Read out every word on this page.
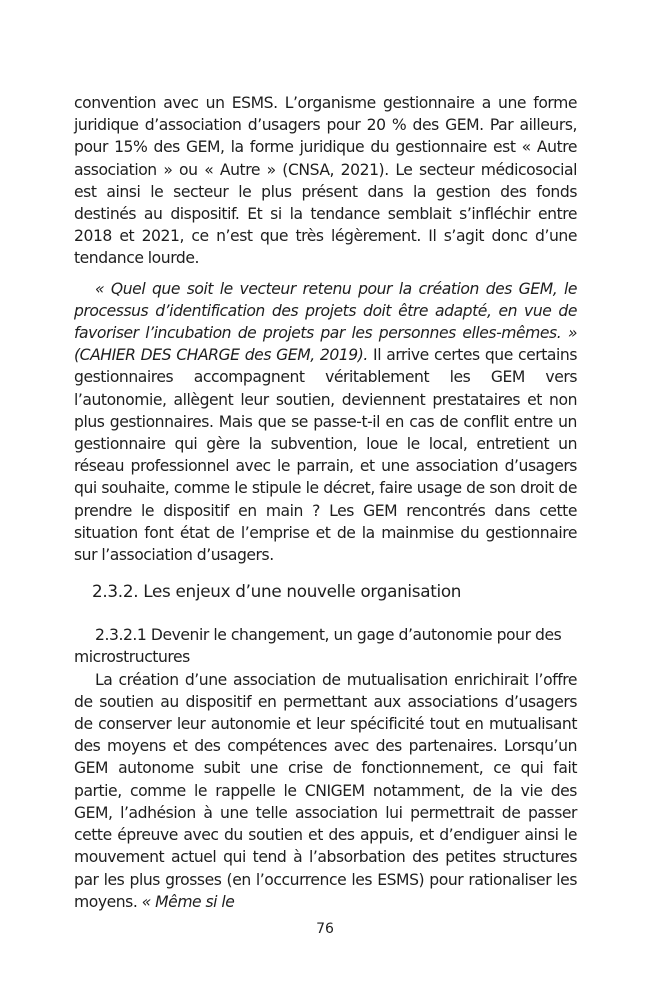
convention avec un ESMS. L’organisme gestionnaire a une forme juridique d’association d’usagers pour 20 % des GEM. Par ailleurs, pour 15% des GEM, la forme juridique du gestionnaire est « Autre association » ou « Autre » (CNSA, 2021). Le secteur médicosocial est ainsi le secteur le plus présent dans la gestion des fonds destinés au dispositif. Et si la tendance semblait s’infléchir entre 2018 et 2021, ce n’est que très légèrement. Il s’agit donc d’une tendance lourde.

« Quel que soit le vecteur retenu pour la création des GEM, le processus d’identification des projets doit être adapté, en vue de favoriser l’incubation de projets par les personnes elles-mêmes. » (CAHIER DES CHARGE des GEM, 2019). Il arrive certes que certains gestionnaires accompagnent véritablement les GEM vers l’autonomie, allègent leur soutien, deviennent prestataires et non plus gestionnaires. Mais que se passe-t-il en cas de conflit entre un gestionnaire qui gère la subvention, loue le local, entretient un réseau professionnel avec le parrain, et une association d’usagers qui souhaite, comme le stipule le décret, faire usage de son droit de prendre le dispositif en main ? Les GEM rencontrés dans cette situation font état de l’emprise et de la mainmise du gestionnaire sur l’association d’usagers.

2.3.2. Les enjeux d’une nouvelle organisation
2.3.2.1 Devenir le changement, un gage d’autonomie pour des microstructures

La création d’une association de mutualisation enrichirait l’offre de soutien au dispositif en permettant aux associations d’usagers de conserver leur autonomie et leur spécificité tout en mutualisant des moyens et des compétences avec des partenaires. Lorsqu’un GEM autonome subit une crise de fonctionnement, ce qui fait partie, comme le rappelle le CNIGEM notamment, de la vie des GEM, l’adhésion à une telle association lui permettrait de passer cette épreuve avec du soutien et des appuis, et d’endiguer ainsi le mouvement actuel qui tend à l’absorbation des petites structures par les plus grosses (en l’occurrence les ESMS) pour rationaliser les moyens. « Même si le

76
